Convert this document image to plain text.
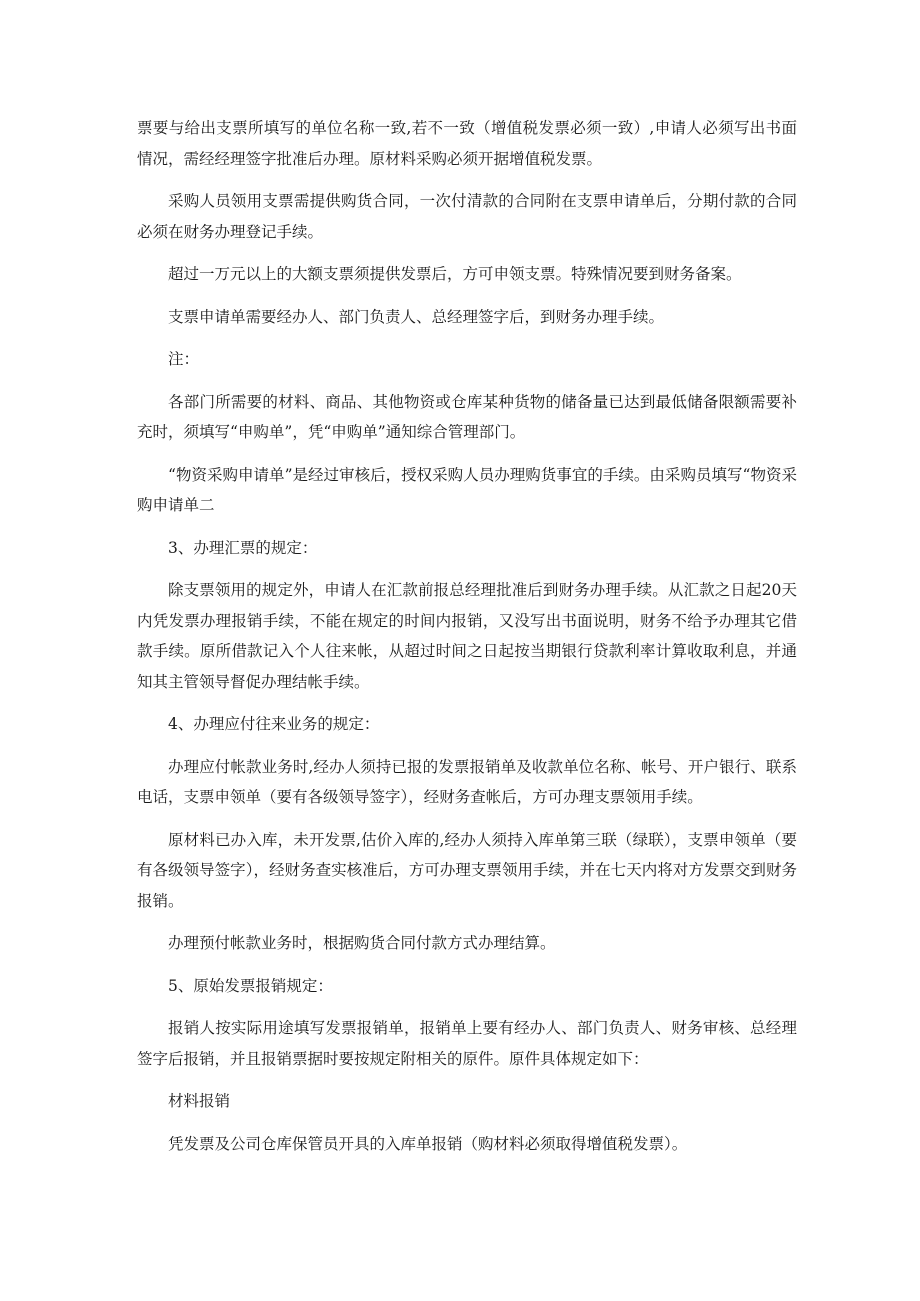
票要与给出支票所填写的单位名称一致,若不一致（增值税发票必须一致）,申请人必须写出书面情况，需经经理签字批准后办理。原材料采购必须开据增值税发票。

采购人员领用支票需提供购货合同，一次付清款的合同附在支票申请单后，分期付款的合同必须在财务办理登记手续。

超过一万元以上的大额支票须提供发票后，方可申领支票。特殊情况要到财务备案。

支票申请单需要经办人、部门负责人、总经理签字后，到财务办理手续。

注：

各部门所需要的材料、商品、其他物资或仓库某种货物的储备量已达到最低储备限额需要补充时，须填写“申购单”，凭“申购单”通知综合管理部门。

“物资采购申请单”是经过审核后，授权采购人员办理购货事宜的手续。由采购员填写“物资采购申请单二

3、办理汇票的规定：

除支票领用的规定外，申请人在汇款前报总经理批准后到财务办理手续。从汇款之日起20天内凭发票办理报销手续，不能在规定的时间内报销，又没写出书面说明，财务不给予办理其它借款手续。原所借款记入个人往来帐，从超过时间之日起按当期银行贷款利率计算收取利息，并通知其主管领导督促办理结帐手续。

4、办理应付往来业务的规定：

办理应付帐款业务时,经办人须持已报的发票报销单及收款单位名称、帐号、开户银行、联系电话，支票申领单（要有各级领导签字），经财务查帐后，方可办理支票领用手续。

原材料已办入库，未开发票,估价入库的,经办人须持入库单第三联（绿联），支票申领单（要有各级领导签字），经财务查实核准后，方可办理支票领用手续，并在七天内将对方发票交到财务报销。

办理预付帐款业务时，根据购货合同付款方式办理结算。

5、原始发票报销规定：

报销人按实际用途填写发票报销单，报销单上要有经办人、部门负责人、财务审核、总经理签字后报销，并且报销票据时要按规定附相关的原件。原件具体规定如下：

材料报销

凭发票及公司仓库保管员开具的入库单报销（购材料必须取得增值税发票）。
